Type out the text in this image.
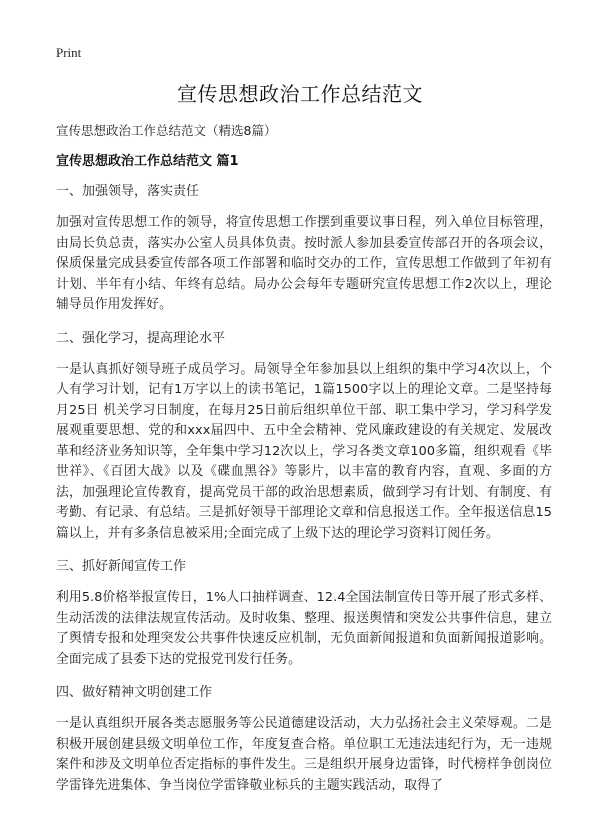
Print
宣传思想政治工作总结范文
宣传思想政治工作总结范文（精选8篇）
宣传思想政治工作总结范文 篇1
一、加强领导，落实责任
加强对宣传思想工作的领导，将宣传思想工作摆到重要议事日程，列入单位目标管理，由局长负总责，落实办公室人员具体负责。按时派人参加县委宣传部召开的各项会议，保质保量完成县委宣传部各项工作部署和临时交办的工作，宣传思想工作做到了年初有计划、半年有小结、年终有总结。局办公会每年专题研究宣传思想工作2次以上，理论辅导员作用发挥好。
二、强化学习，提高理论水平
一是认真抓好领导班子成员学习。局领导全年参加县以上组织的集中学习4次以上，个人有学习计划，记有1万字以上的读书笔记，1篇1500字以上的理论文章。二是坚持每月25日 机关学习日制度，在每月25日前后组织单位干部、职工集中学习，学习科学发展观重要思想、党的和xxx届四中、五中全会精神、党风廉政建设的有关规定、发展改革和经济业务知识等，全年集中学习12次以上，学习各类文章100多篇，组织观看《毕世祥》、《百团大战》以及《碟血黑谷》等影片，以丰富的教育内容，直观、多面的方法，加强理论宣传教育，提高党员干部的政治思想素质，做到学习有计划、有制度、有考勤、有记录、有总结。三是抓好领导干部理论文章和信息报送工作。全年报送信息15篇以上，并有多条信息被采用;全面完成了上级下达的理论学习资料订阅任务。
三、抓好新闻宣传工作
利用5.8价格举报宣传日，1%人口抽样调查、12.4全国法制宣传日等开展了形式多样、生动活泼的法律法规宣传活动。及时收集、整理、报送舆情和突发公共事件信息，建立了舆情专报和处理突发公共事件快速反应机制，无负面新闻报道和负面新闻报道影响。全面完成了县委下达的党报党刊发行任务。
四、做好精神文明创建工作
一是认真组织开展各类志愿服务等公民道德建设活动，大力弘扬社会主义荣辱观。二是积极开展创建县级文明单位工作，年度复查合格。单位职工无违法违纪行为，无一违规案件和涉及文明单位否定指标的事件发生。三是组织开展身边雷锋，时代榜样争创岗位学雷锋先进集体、争当岗位学雷锋敬业标兵的主题实践活动，取得了
